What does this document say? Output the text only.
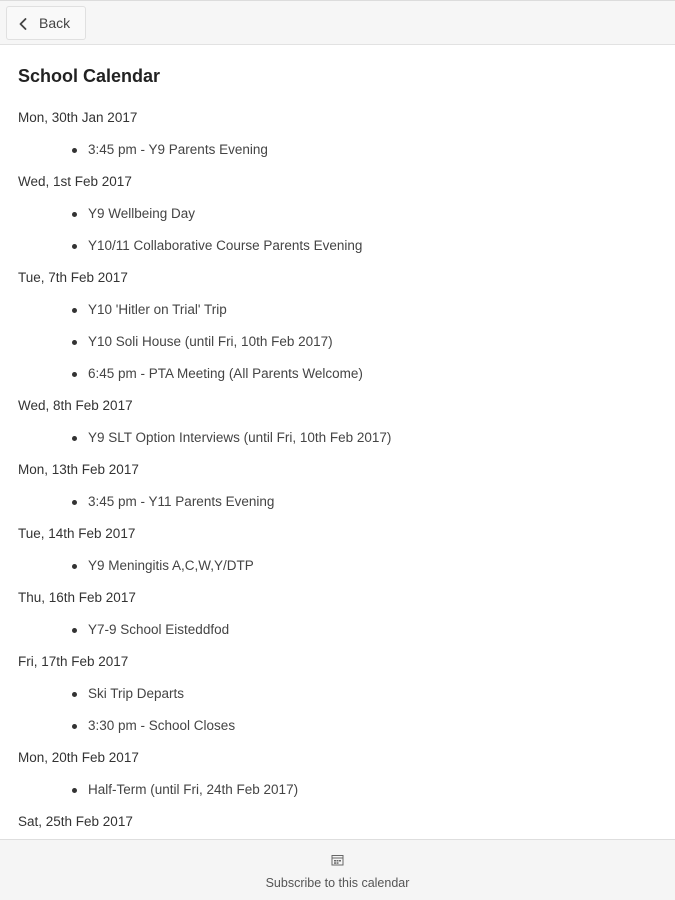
Back
School Calendar
Mon, 30th Jan 2017
3:45 pm - Y9 Parents Evening
Wed, 1st Feb 2017
Y9 Wellbeing Day
Y10/11 Collaborative Course Parents Evening
Tue, 7th Feb 2017
Y10 'Hitler on Trial' Trip
Y10 Soli House (until Fri, 10th Feb 2017)
6:45 pm - PTA Meeting (All Parents Welcome)
Wed, 8th Feb 2017
Y9 SLT Option Interviews (until Fri, 10th Feb 2017)
Mon, 13th Feb 2017
3:45 pm - Y11 Parents Evening
Tue, 14th Feb 2017
Y9 Meningitis A,C,W,Y/DTP
Thu, 16th Feb 2017
Y7-9 School Eisteddfod
Fri, 17th Feb 2017
Ski Trip Departs
3:30 pm - School Closes
Mon, 20th Feb 2017
Half-Term (until Fri, 24th Feb 2017)
Sat, 25th Feb 2017
Subscribe to this calendar
